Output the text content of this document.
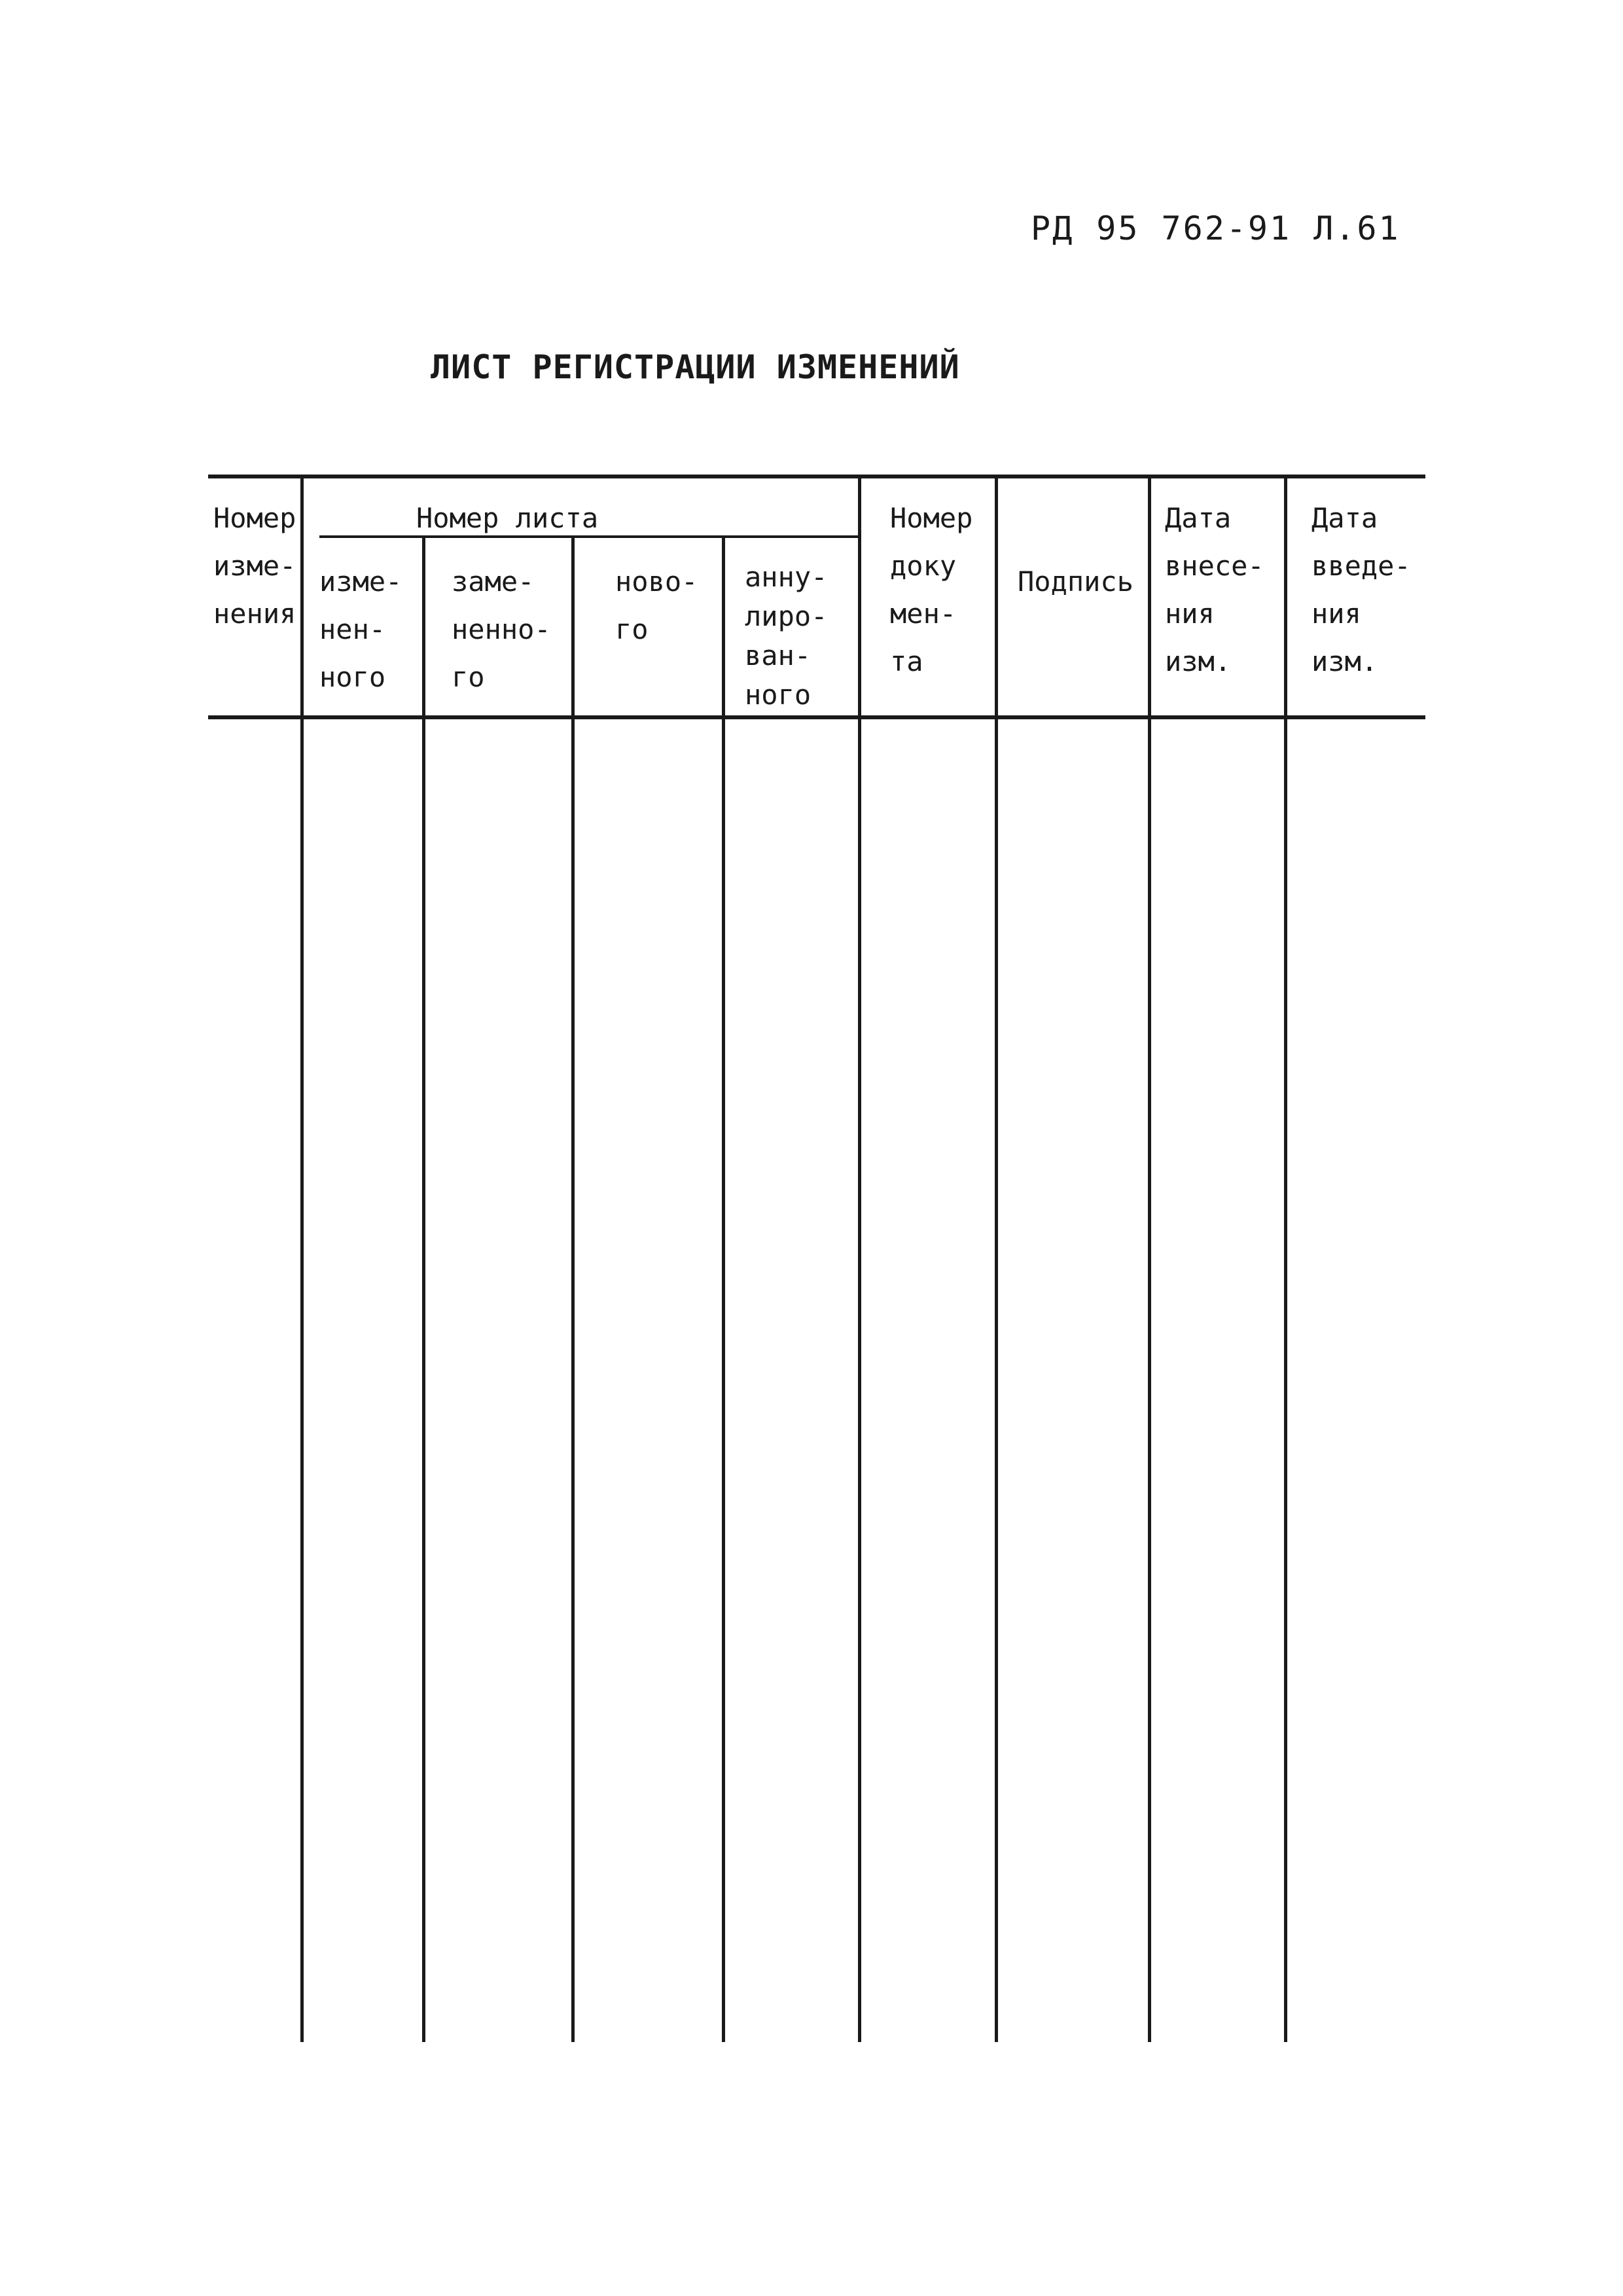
РД 95 762-91 Л.61
ЛИСТ РЕГИСТРАЦИИ ИЗМЕНЕНИЙ
Номер
изме-
нения
Номер листа
изме-
нен-
ного
заме-
ненно-
го
ново-
го
анну-
лиро-
ван-
ного
Номер
доку
мен-
та
Подпись
Дата
внесе-
ния
изм.
Дата
введе-
ния
изм.
